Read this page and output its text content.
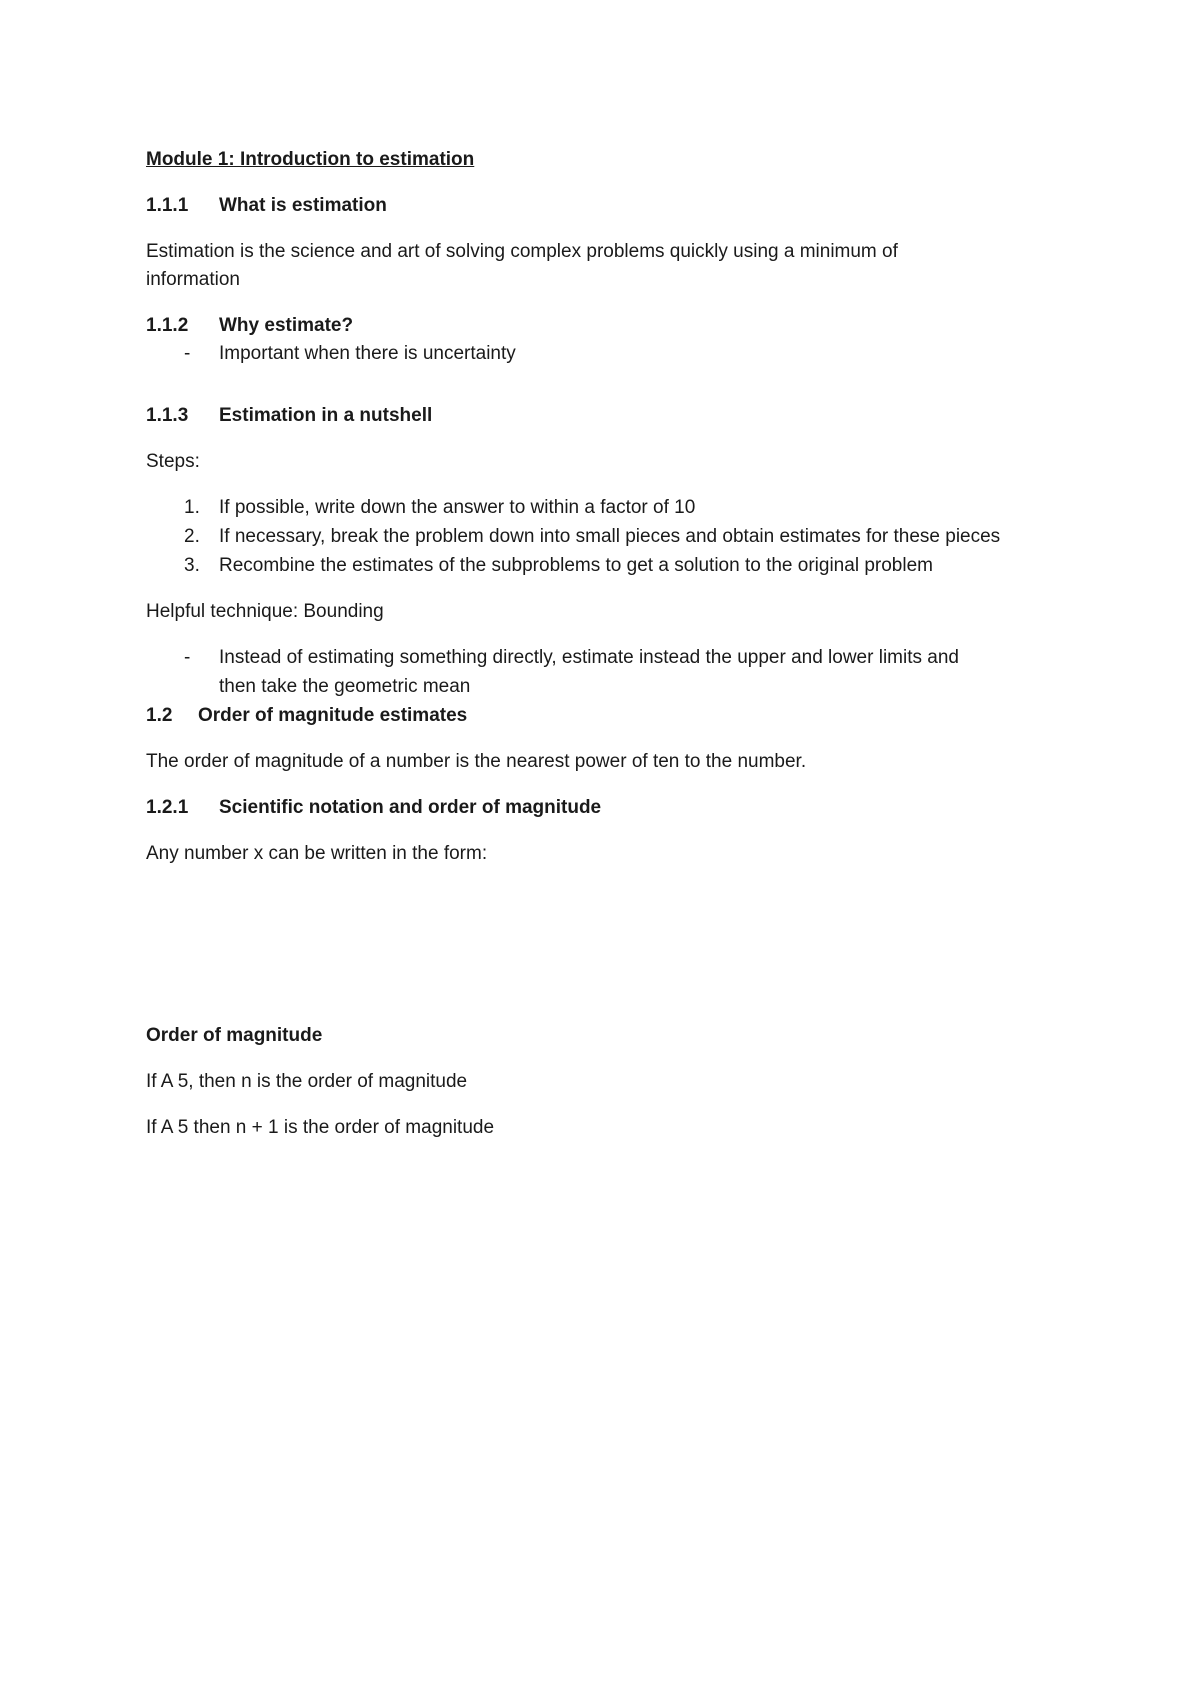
Module 1: Introduction to estimation
1.1.1 What is estimation
Estimation is the science and art of solving complex problems quickly using a minimum of
information
1.1.2 Why estimate?
- Important when there is uncertainty
1.1.3 Estimation in a nutshell
Steps:
1. If possible, write down the answer to within a factor of 10
2. If necessary, break the problem down into small pieces and obtain estimates for these pieces
3. Recombine the estimates of the subproblems to get a solution to the original problem
Helpful technique: Bounding
- Instead of estimating something directly, estimate instead the upper and lower limits and
then take the geometric mean
1.2 Order of magnitude estimates
The order of magnitude of a number is the nearest power of ten to the number.
1.2.1 Scientific notation and order of magnitude
Any number x can be written in the form:
Order of magnitude
If A 5, then n is the order of magnitude
If A 5 then n + 1 is the order of magnitude
